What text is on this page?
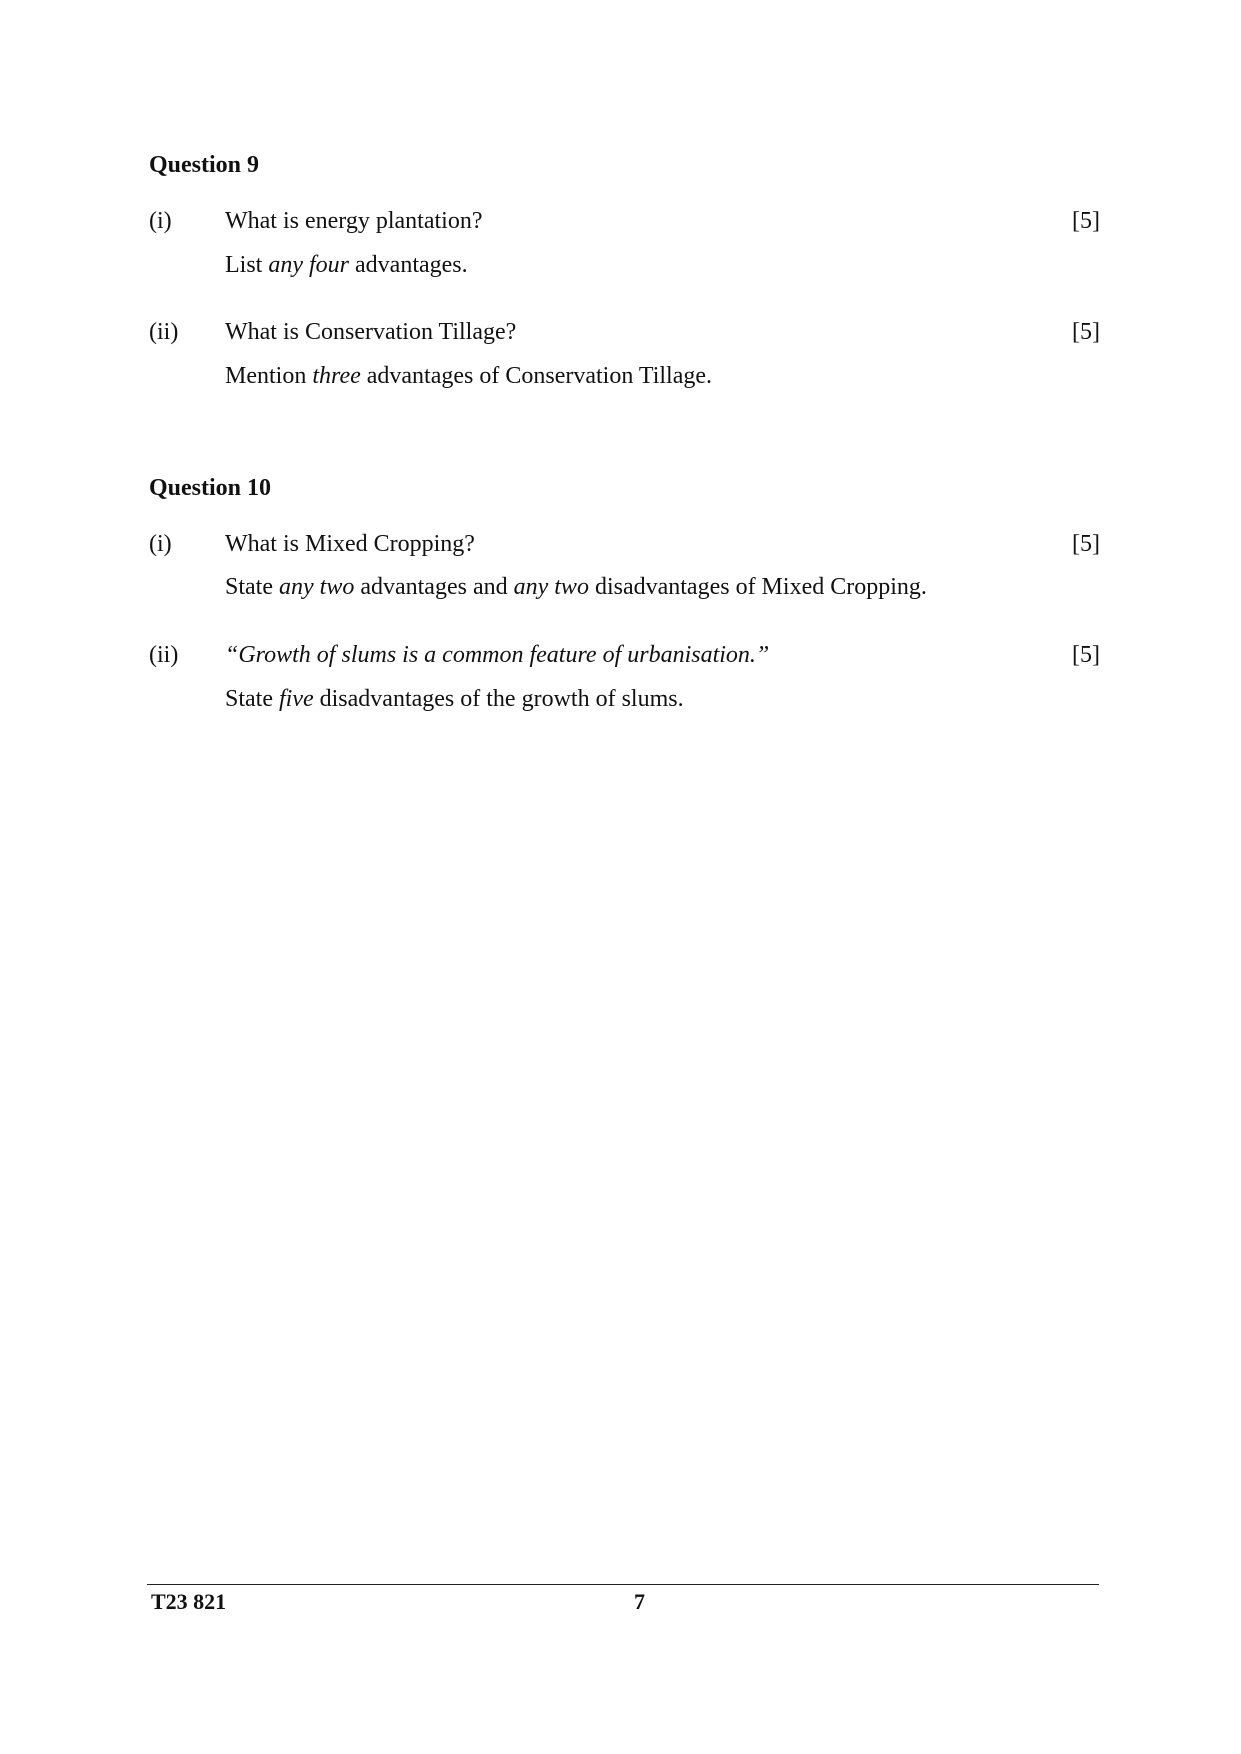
Question 9
(i) What is energy plantation?	[5]
List any four advantages.
(ii) What is Conservation Tillage?	[5]
Mention three advantages of Conservation Tillage.
Question 10
(i) What is Mixed Cropping?	[5]
State any two advantages and any two disadvantages of Mixed Cropping.
(ii) “Growth of slums is a common feature of urbanisation.”	[5]
State five disadvantages of the growth of slums.
T23 821	7
